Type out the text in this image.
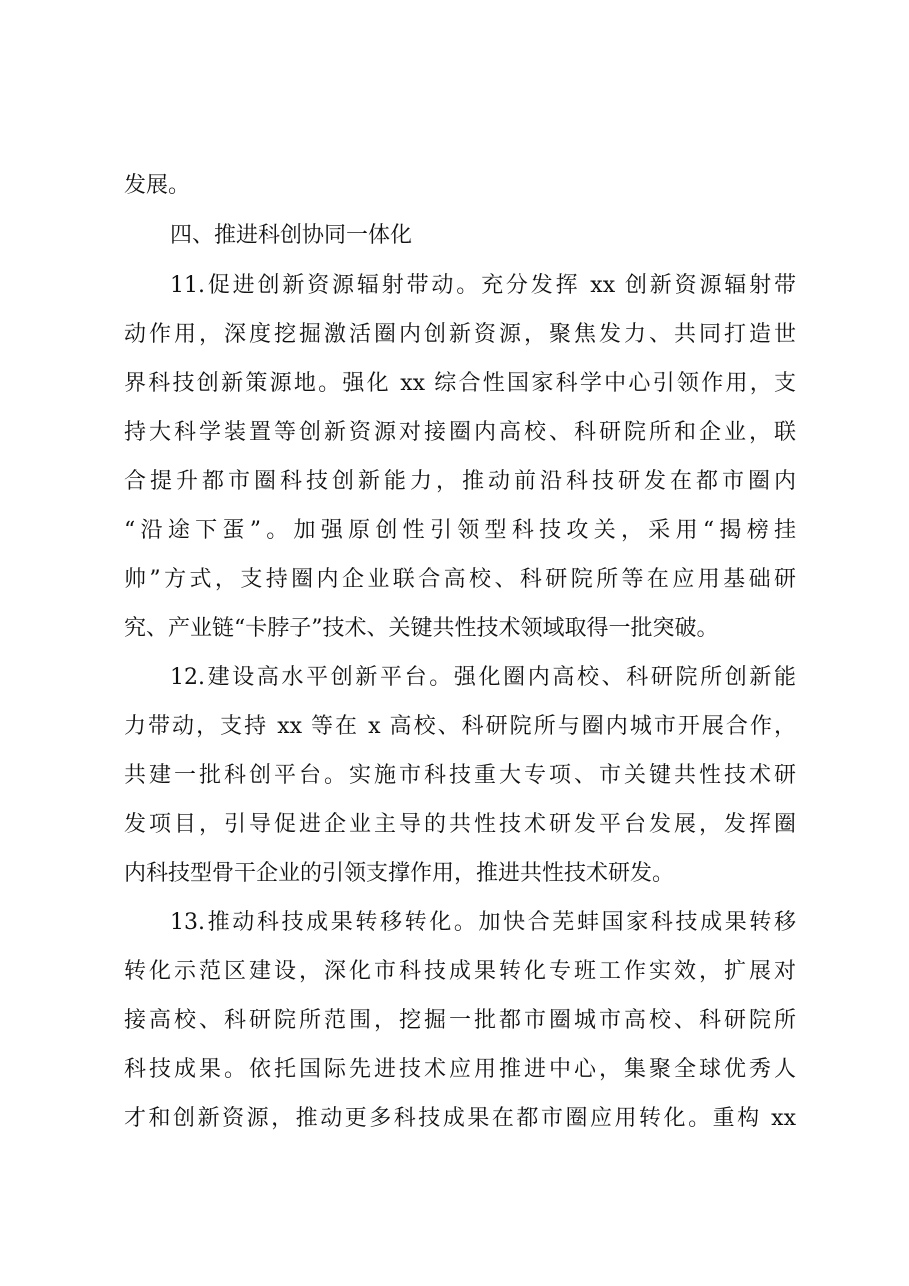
发展。
四、推进科创协同一体化
11.促进创新资源辐射带动。充分发挥 xx 创新资源辐射带
动作用，深度挖掘激活圈内创新资源，聚焦发力、共同打造世
界科技创新策源地。强化 xx 综合性国家科学中心引领作用，支
持大科学装置等创新资源对接圈内高校、科研院所和企业，联
合提升都市圈科技创新能力，推动前沿科技研发在都市圈内
“沿途下蛋”。加强原创性引领型科技攻关，采用“揭榜挂
帅”方式，支持圈内企业联合高校、科研院所等在应用基础研
究、产业链“卡脖子”技术、关键共性技术领域取得一批突破。
12.建设高水平创新平台。强化圈内高校、科研院所创新能
力带动，支持 xx 等在 x 高校、科研院所与圈内城市开展合作，
共建一批科创平台。实施市科技重大专项、市关键共性技术研
发项目，引导促进企业主导的共性技术研发平台发展，发挥圈
内科技型骨干企业的引领支撑作用，推进共性技术研发。
13.推动科技成果转移转化。加快合芜蚌国家科技成果转移
转化示范区建设，深化市科技成果转化专班工作实效，扩展对
接高校、科研院所范围，挖掘一批都市圈城市高校、科研院所
科技成果。依托国际先进技术应用推进中心，集聚全球优秀人
才和创新资源，推动更多科技成果在都市圈应用转化。重构 xx
